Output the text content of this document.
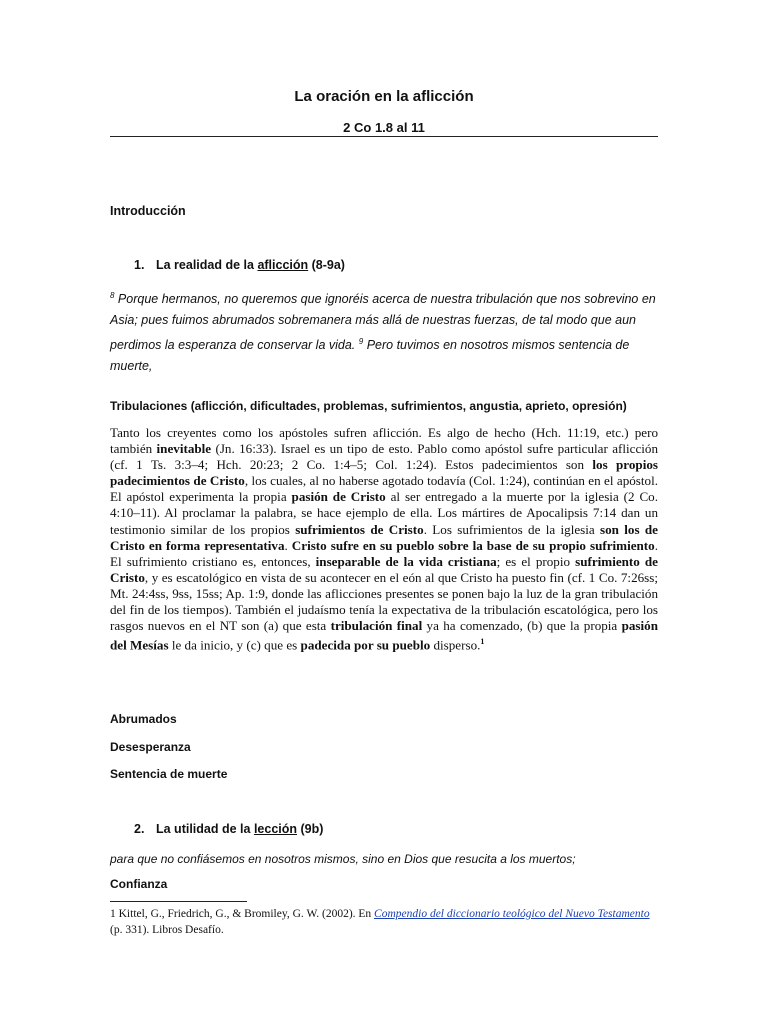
La oración en la aflicción
2 Co 1.8 al 11
Introducción
1. La realidad de la aflicción (8-9a)
$^8$ Porque hermanos, no queremos que ignoréis acerca de nuestra tribulación que nos sobrevino en Asia; pues fuimos abrumados sobremanera más allá de nuestras fuerzas, de tal modo que aun perdimos la esperanza de conservar la vida. $^9$ Pero tuvimos en nosotros mismos sentencia de muerte,
Tribulaciones (aflicción, dificultades, problemas, sufrimientos, angustia, aprieto, opresión)
Tanto los creyentes como los apóstoles sufren aflicción. Es algo de hecho (Hch. 11:19, etc.) pero también inevitable (Jn. 16:33). Israel es un tipo de esto. Pablo como apóstol sufre particular aflicción (cf. 1 Ts. 3:3–4; Hch. 20:23; 2 Co. 1:4–5; Col. 1:24). Estos padecimientos son los propios padecimientos de Cristo, los cuales, al no haberse agotado todavía (Col. 1:24), continúan en el apóstol. El apóstol experimenta la propia pasión de Cristo al ser entregado a la muerte por la iglesia (2 Co. 4:10–11). Al proclamar la palabra, se hace ejemplo de ella. Los mártires de Apocalipsis 7:14 dan un testimonio similar de los propios sufrimientos de Cristo. Los sufrimientos de la iglesia son los de Cristo en forma representativa. Cristo sufre en su pueblo sobre la base de su propio sufrimiento. El sufrimiento cristiano es, entonces, inseparable de la vida cristiana; es el propio sufrimiento de Cristo, y es escatológico en vista de su acontecer en el eón al que Cristo ha puesto fin (cf. 1 Co. 7:26ss; Mt. 24:4ss, 9ss, 15ss; Ap. 1:9, donde las aflicciones presentes se ponen bajo la luz de la gran tribulación del fin de los tiempos). También el judaísmo tenía la expectativa de la tribulación escatológica, pero los rasgos nuevos en el NT son (a) que esta tribulación final ya ha comenzado, (b) que la propia pasión del Mesías le da inicio, y (c) que es padecida por su pueblo disperso.$^1$
Abrumados
Desesperanza
Sentencia de muerte
2. La utilidad de la lección (9b)
para que no confiásemos en nosotros mismos, sino en Dios que resucita a los muertos;
Confianza
1 Kittel, G., Friedrich, G., & Bromiley, G. W. (2002). En Compendio del diccionario teológico del Nuevo Testamento (p. 331). Libros Desafío.
